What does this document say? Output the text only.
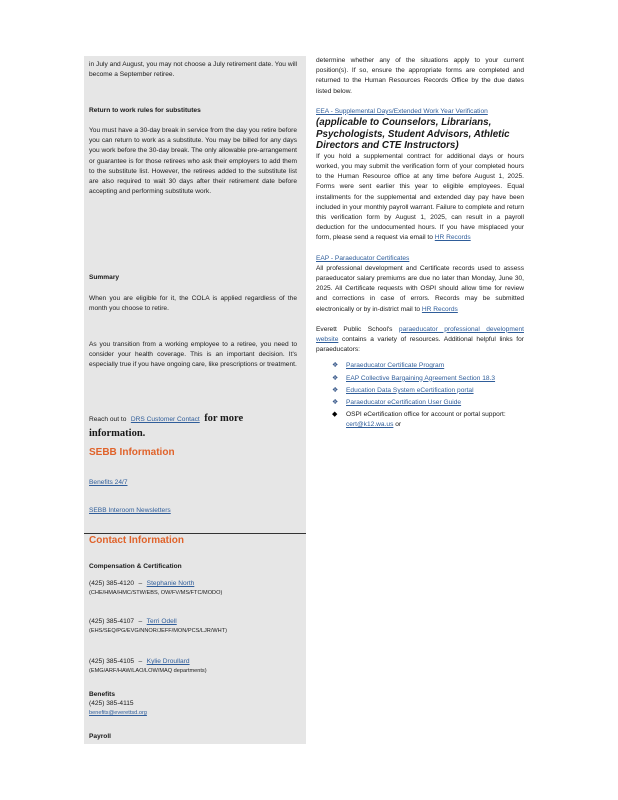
in July and August, you may not choose a July retirement date. You will become a September retiree.

Return to work rules for substitutes

You must have a 30-day break in service from the day you retire before you can return to work as a substitute. You may be billed for any days you work before the 30-day break. The only allowable pre-arrangement or guarantee is for those retirees who ask their employers to add them to the substitute list. However, the retirees added to the substitute list are also required to wait 30 days after their retirement date before accepting and performing substitute work.

Summary

When you are eligible for it, the COLA is applied regardless of the month you choose to retire.

As you transition from a working employee to a retiree, you need to consider your health coverage. This is an important decision. It's especially true if you have ongoing care, like prescriptions or treatment.

Reach out to DRS Customer Contact for more information.

SEBB Information

Benefits 24/7
SEBB Interoom Newsletters

Contact Information

Compensation & Certification

(425) 385-4120 – Stephanie North
(CHE/HMA/HMC/STW/EBS, OW/FV/MS/FTC/MODO)
(425) 385-4107 – Terri Odell
(EHS/SEQ/PG/EVG/NNOR/JEFF/MON/PCS/LJR/WHT)
(425) 385-4105 – Kylie Droullard
(EMG/ARF/HAW/LAO/LOW/MAQ departments)

Benefits

(425) 385-4115

benefits@everettsd.org

Payroll

determine whether any of the situations apply to your current position(s). If so, ensure the appropriate forms are completed and returned to the Human Resources Records Office by the due dates listed below.

EEA - Supplemental Days/Extended Work Year Verification

(applicable to Counselors, Librarians, Psychologists, Student Advisors, Athletic Directors and CTE Instructors)

If you hold a supplemental contract for additional days or hours worked, you may submit the verification form of your completed hours to the Human Resource office at any time before August 1, 2025. Forms were sent earlier this year to eligible employees. Equal installments for the supplemental and extended day pay have been included in your monthly payroll warrant. Failure to complete and return this verification form by August 1, 2025, can result in a payroll deduction for the undocumented hours. If you have misplaced your form, please send a request via email to HR Records

EAP - Paraeducator Certificates

All professional development and Certificate records used to assess paraeducator salary premiums are due no later than Monday, June 30, 2025. All Certificate requests with OSPI should allow time for review and corrections in case of errors. Records may be submitted electronically or by in-district mail to HR Records

Everett Public School's paraeducator professional development website contains a variety of resources. Additional helpful links for paraeducators:

❖ Paraeducator Certificate Program
❖ EAP Collective Bargaining Agreement Section 18.3
❖ Education Data System eCertification portal
❖ Paraeducator eCertification User Guide
◆ OSPI eCertification office for account or portal support: cert@k12.wa.us or
